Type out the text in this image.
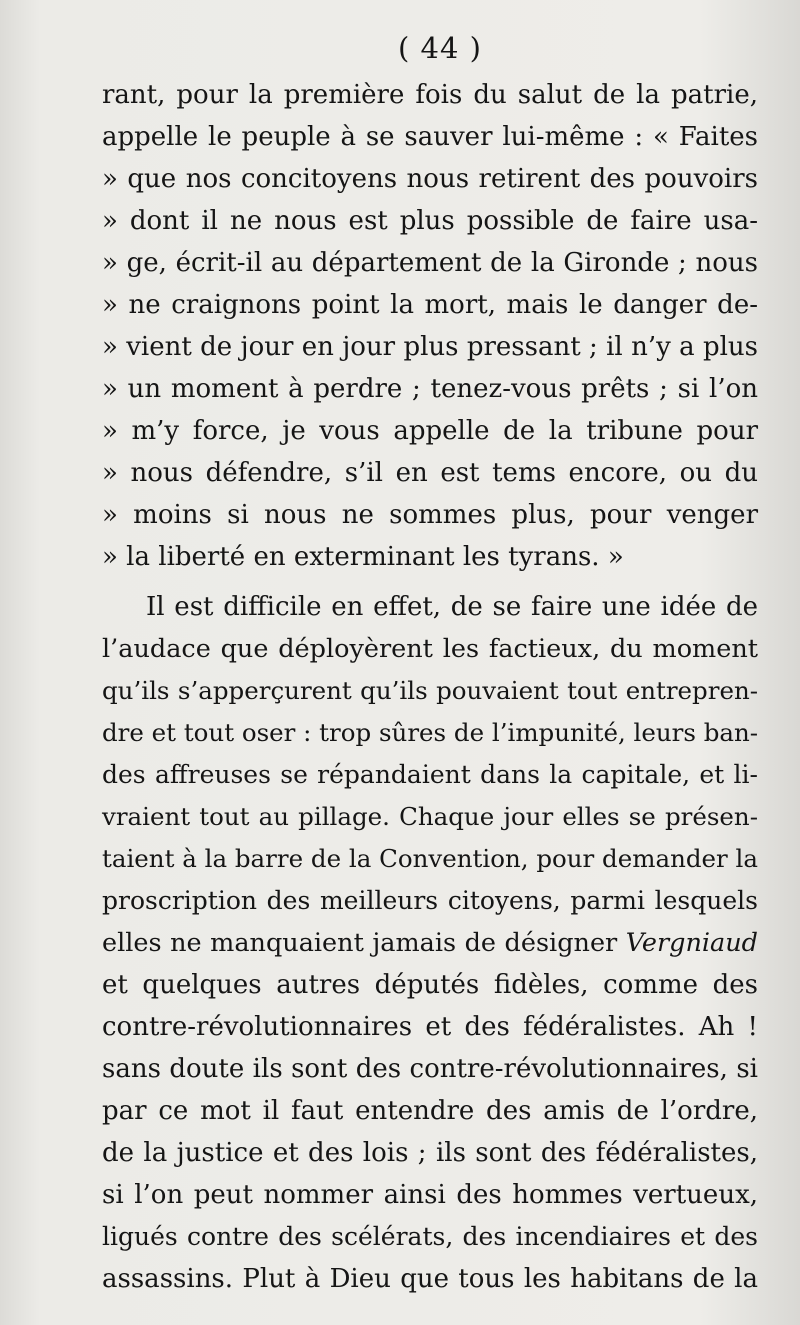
( 44 )
rant, pour la première fois du salut de la patrie,
appelle le peuple à se sauver lui-même : « Faites
» que nos concitoyens nous retirent des pouvoirs
» dont il ne nous est plus possible de faire usa-
» ge, écrit-il au département de la Gironde ; nous
» ne craignons point la mort, mais le danger de-
» vient de jour en jour plus pressant ; il n’y a plus
» un moment à perdre ; tenez-vous prêts ; si l’on
» m’y force, je vous appelle de la tribune pour
» nous défendre, s’il en est tems encore, ou du
» moins si nous ne sommes plus, pour venger
» la liberté en exterminant les tyrans. »
Il est difficile en effet, de se faire une idée de
l’audace que déployèrent les factieux, du moment
qu’ils s’apperçurent qu’ils pouvaient tout entrepren-
dre et tout oser : trop sûres de l’impunité, leurs ban-
des affreuses se répandaient dans la capitale, et li-
vraient tout au pillage. Chaque jour elles se présen-
taient à la barre de la Convention, pour demander la
proscription des meilleurs citoyens, parmi lesquels
elles ne manquaient jamais de désigner Vergniaud
et quelques autres députés fidèles, comme des
contre-révolutionnaires et des fédéralistes. Ah !
sans doute ils sont des contre-révolutionnaires, si
par ce mot il faut entendre des amis de l’ordre,
de la justice et des lois ; ils sont des fédéralistes,
si l’on peut nommer ainsi des hommes vertueux,
ligués contre des scélérats, des incendiaires et des
assassins. Plut à Dieu que tous les habitans de la
